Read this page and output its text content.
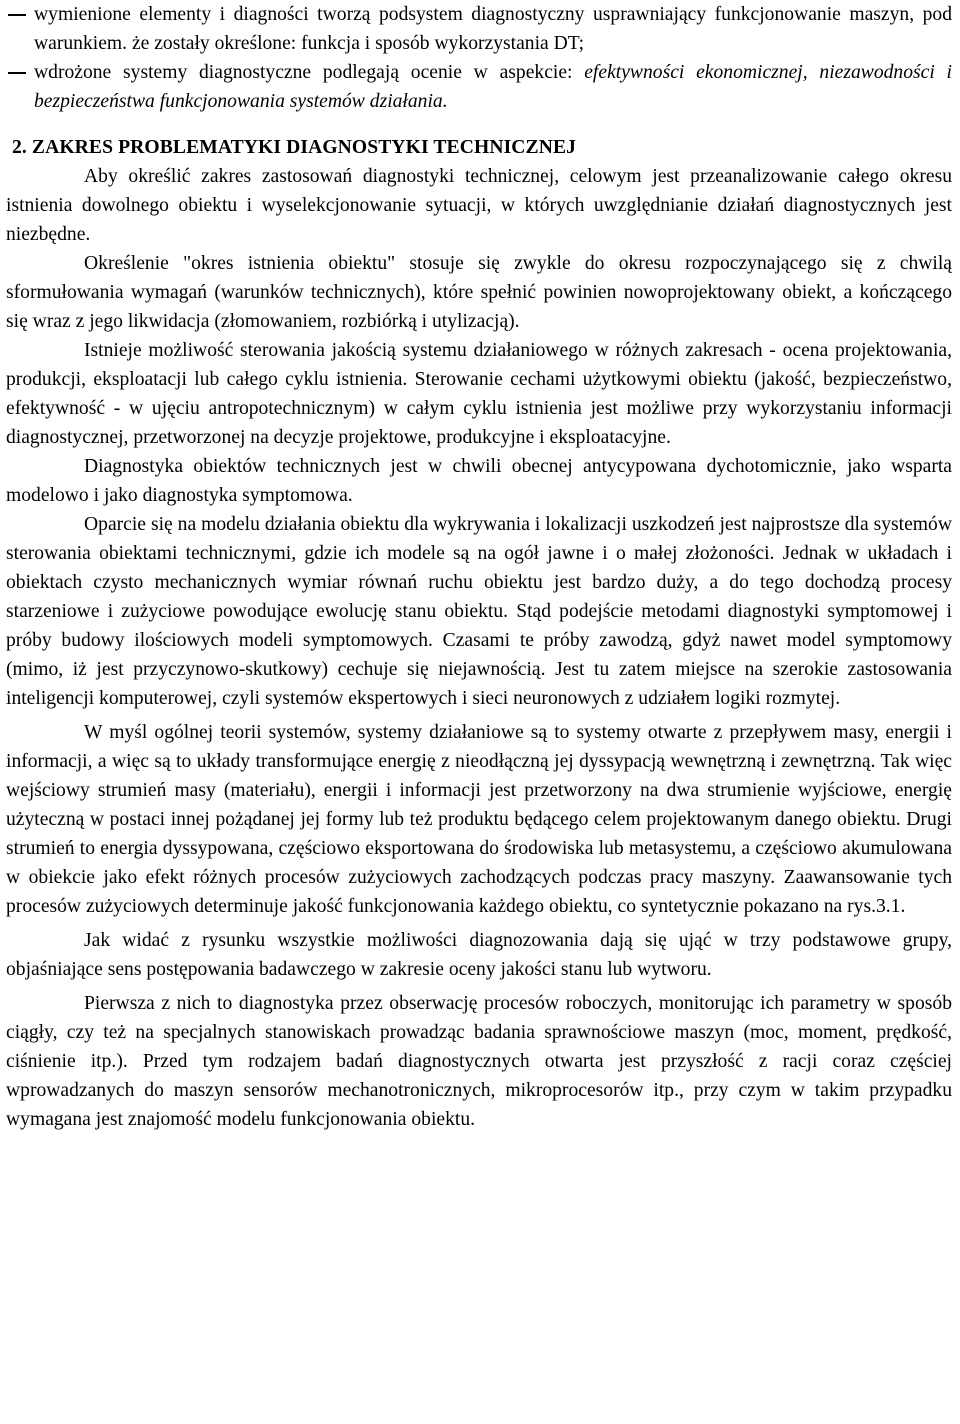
wymienione elementy i diagności tworzą podsystem diagnostyczny usprawniający funkcjonowanie maszyn, pod warunkiem. że zostały określone: funkcja i sposób wykorzystania DT;
wdrożone systemy diagnostyczne podlegają ocenie w aspekcie: efektywności ekonomicznej, niezawodności i bezpieczeństwa funkcjonowania systemów działania.
2. ZAKRES PROBLEMATYKI DIAGNOSTYKI TECHNICZNEJ

Aby określić zakres zastosowań diagnostyki technicznej, celowym jest przeanalizowanie całego okresu istnienia dowolnego obiektu i wyselekcjonowanie sytuacji, w których uwzględnianie działań diagnostycznych jest niezbędne.

Określenie "okres istnienia obiektu" stosuje się zwykle do okresu rozpoczynającego się z chwilą sformułowania wymagań (warunków technicznych), które spełnić powinien nowoprojektowany obiekt, a kończącego się wraz z jego likwidacja (złomowaniem, rozbiórką i utylizacją).

Istnieje możliwość sterowania jakością systemu działaniowego w różnych zakresach - ocena projektowania, produkcji, eksploatacji lub całego cyklu istnienia. Sterowanie cechami użytkowymi obiektu (jakość, bezpieczeństwo, efektywność - w ujęciu antropotechnicznym) w całym cyklu istnienia jest możliwe przy wykorzystaniu informacji diagnostycznej, przetworzonej na decyzje projektowe, produkcyjne i eksploatacyjne.

Diagnostyka obiektów technicznych jest w chwili obecnej antycypowana dychotomicznie, jako wsparta modelowo i jako diagnostyka symptomowa.

Oparcie się na modelu działania obiektu dla wykrywania i lokalizacji uszkodzeń jest najprostsze dla systemów sterowania obiektami technicznymi, gdzie ich modele są na ogół jawne i o małej złożoności. Jednak w układach i obiektach czysto mechanicznych wymiar równań ruchu obiektu jest bardzo duży, a do tego dochodzą procesy starzeniowe i zużyciowe powodujące ewolucję stanu obiektu. Stąd podejście metodami diagnostyki symptomowej i próby budowy ilościowych modeli symptomowych. Czasami te próby zawodzą, gdyż nawet model symptomowy (mimo, iż jest przyczynowo-skutkowy) cechuje się niejawnością. Jest tu zatem miejsce na szerokie zastosowania inteligencji komputerowej, czyli systemów ekspertowych i sieci neuronowych z udziałem logiki rozmytej.

W myśl ogólnej teorii systemów, systemy działaniowe są to systemy otwarte z przepływem masy, energii i informacji, a więc są to układy transformujące energię z nieodłączną jej dyssypacją wewnętrzną i zewnętrzną. Tak więc wejściowy strumień masy (materiału), energii i informacji jest przetworzony na dwa strumienie wyjściowe, energię użyteczną w postaci innej pożądanej jej formy lub też produktu będącego celem projektowanym danego obiektu. Drugi strumień to energia dyssypowana, częściowo eksportowana do środowiska lub metasystemu, a częściowo akumulowana w obiekcie jako efekt różnych procesów zużyciowych zachodzących podczas pracy maszyny. Zaawansowanie tych procesów zużyciowych determinuje jakość funkcjonowania każdego obiektu, co syntetycznie pokazano na rys.3.1.

Jak widać z rysunku wszystkie możliwości diagnozowania dają się ująć w trzy podstawowe grupy, objaśniające sens postępowania badawczego w zakresie oceny jakości stanu lub wytworu.

Pierwsza z nich to diagnostyka przez obserwację procesów roboczych, monitorując ich parametry w sposób ciągły, czy też na specjalnych stanowiskach prowadząc badania sprawnościowe maszyn (moc, moment, prędkość, ciśnienie itp.). Przed tym rodzajem badań diagnostycznych otwarta jest przyszłość z racji coraz częściej wprowadzanych do maszyn sensorów mechanotronicznych, mikroprocesorów itp., przy czym w takim przypadku wymagana jest znajomość modelu funkcjonowania obiektu.
